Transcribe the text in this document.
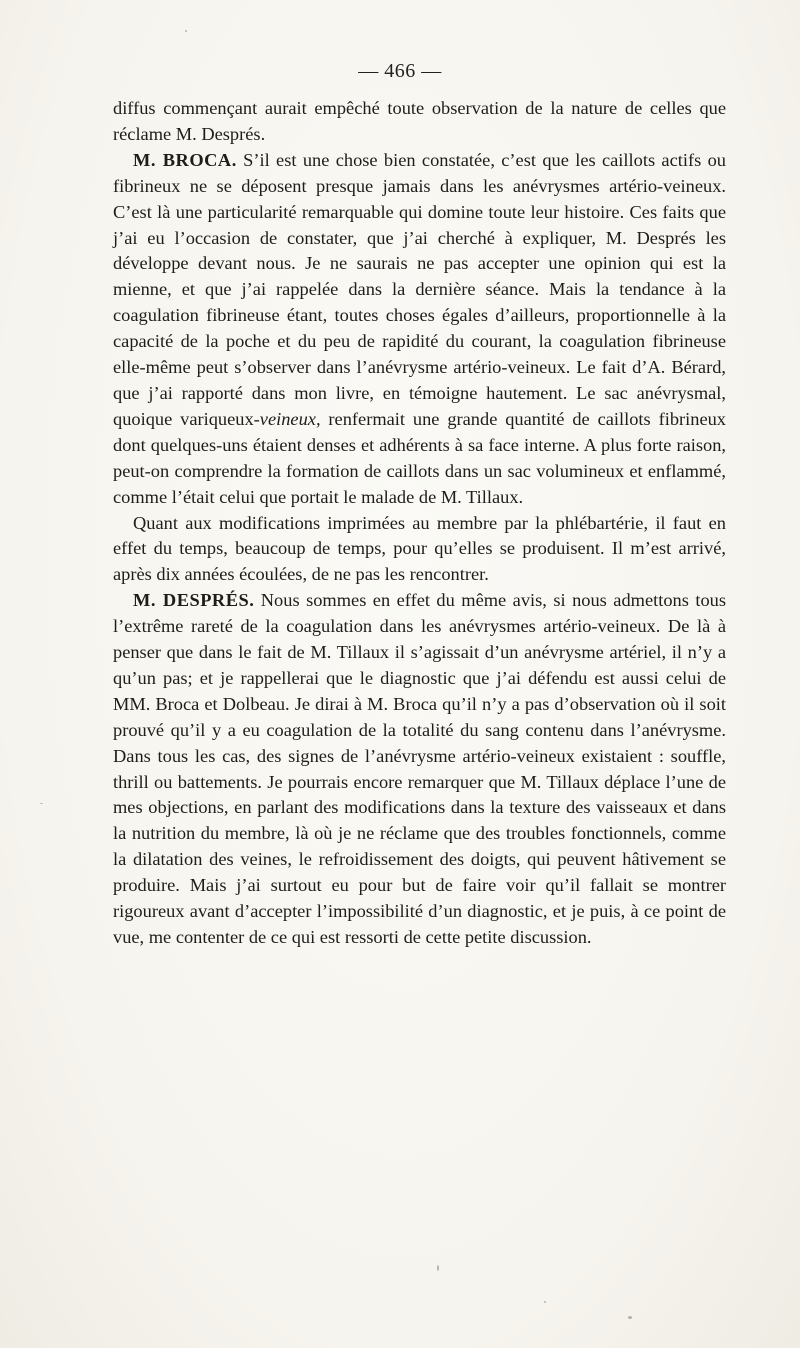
— 466 —

diffus commençant aurait empêché toute observation de la nature de celles que réclame M. Després.

M. BROCA. S’il est une chose bien constatée, c’est que les caillots actifs ou fibrineux ne se déposent presque jamais dans les anévrysmes artério-veineux. C’est là une particularité remarquable qui domine toute leur histoire. Ces faits que j’ai eu l’occasion de constater, que j’ai cherché à expliquer, M. Després les développe devant nous. Je ne saurais ne pas accepter une opinion qui est la mienne, et que j’ai rappelée dans la dernière séance. Mais la tendance à la coagulation fibrineuse étant, toutes choses égales d’ailleurs, proportionnelle à la capacité de la poche et du peu de rapidité du courant, la coagulation fibrineuse elle-même peut s’observer dans l’anévrysme artério-veineux. Le fait d’A. Bérard, que j’ai rapporté dans mon livre, en témoigne hautement. Le sac anévrysmal, quoique variqueux-veineux, renfermait une grande quantité de caillots fibrineux dont quelques-uns étaient denses et adhérents à sa face interne. A plus forte raison, peut-on comprendre la formation de caillots dans un sac volumineux et enflammé, comme l’était celui que portait le malade de M. Tillaux.

Quant aux modifications imprimées au membre par la phlébartérie, il faut en effet du temps, beaucoup de temps, pour qu’elles se produisent. Il m’est arrivé, après dix années écoulées, de ne pas les rencontrer.

M. DESPRÉS. Nous sommes en effet du même avis, si nous admettons tous l’extrême rareté de la coagulation dans les anévrysmes artério-veineux. De là à penser que dans le fait de M. Tillaux il s’agissait d’un anévrysme artériel, il n’y a qu’un pas; et je rappellerai que le diagnostic que j’ai défendu est aussi celui de MM. Broca et Dolbeau. Je dirai à M. Broca qu’il n’y a pas d’observation où il soit prouvé qu’il y a eu coagulation de la totalité du sang contenu dans l’anévrysme. Dans tous les cas, des signes de l’anévrysme artério-veineux existaient : souffle, thrill ou battements. Je pourrais encore remarquer que M. Tillaux déplace l’une de mes objections, en parlant des modifications dans la texture des vaisseaux et dans la nutrition du membre, là où je ne réclame que des troubles fonctionnels, comme la dilatation des veines, le refroidissement des doigts, qui peuvent hâtivement se produire. Mais j’ai surtout eu pour but de faire voir qu’il fallait se montrer rigoureux avant d’accepter l’impossibilité d’un diagnostic, et je puis, à ce point de vue, me contenter de ce qui est ressorti de cette petite discussion.
